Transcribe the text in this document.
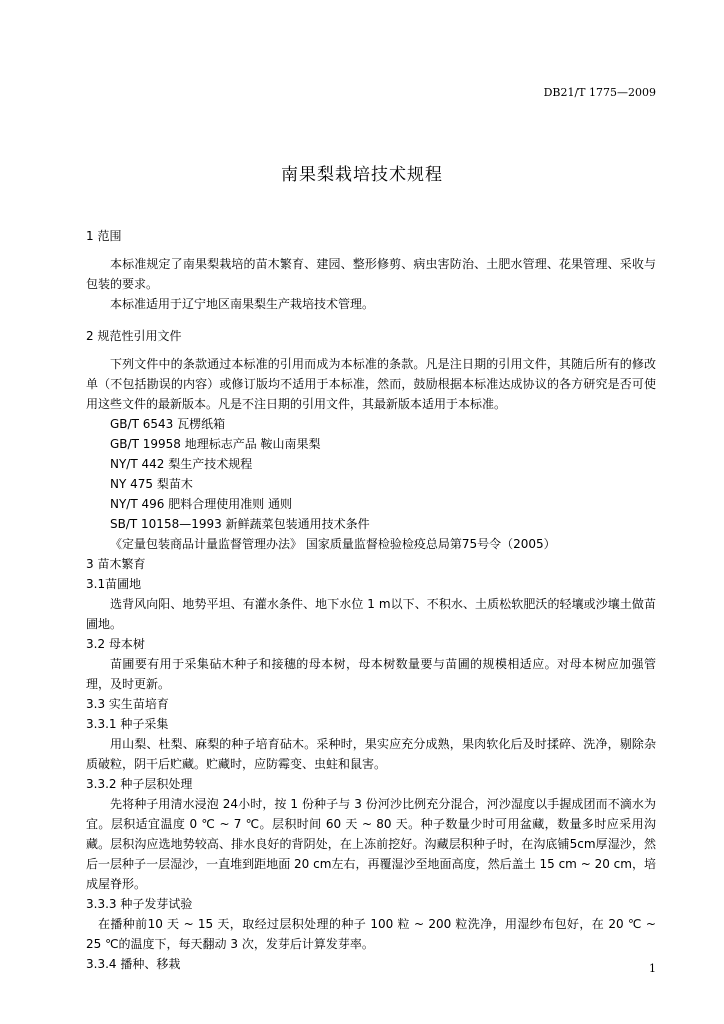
DB21/T 1775—2009
南果梨栽培技术规程
1 范围

本标准规定了南果梨栽培的苗木繁育、建园、整形修剪、病虫害防治、土肥水管理、花果管理、采收与包装的要求。

本标准适用于辽宁地区南果梨生产栽培技术管理。

2 规范性引用文件

下列文件中的条款通过本标准的引用而成为本标准的条款。凡是注日期的引用文件，其随后所有的修改单（不包括勘误的内容）或修订版均不适用于本标准，然而，鼓励根据本标准达成协议的各方研究是否可使用这些文件的最新版本。凡是不注日期的引用文件，其最新版本适用于本标准。

GB/T 6543 瓦楞纸箱
GB/T 19958 地理标志产品 鞍山南果梨
NY/T 442 梨生产技术规程
NY 475 梨苗木
NY/T 496 肥料合理使用准则 通则
SB/T 10158—1993 新鲜蔬菜包装通用技术条件
《定量包装商品计量监督管理办法》 国家质量监督检验检疫总局第75号令（2005）
3 苗木繁育
3.1苗圃地

选背风向阳、地势平坦、有灌水条件、地下水位 1 m以下、不积水、土质松软肥沃的轻壤或沙壤土做苗圃地。

3.2 母本树

苗圃要有用于采集砧木种子和接穗的母本树，母本树数量要与苗圃的规模相适应。对母本树应加强管理，及时更新。

3.3 实生苗培育
3.3.1 种子采集

用山梨、杜梨、麻梨的种子培育砧木。采种时，果实应充分成熟，果肉软化后及时揉碎、洗净，剔除杂质破粒，阴干后贮藏。贮藏时，应防霉变、虫蛀和鼠害。

3.3.2 种子层积处理

先将种子用清水浸泡 24小时，按 1 份种子与 3 份河沙比例充分混合，河沙湿度以手握成团而不滴水为宜。层积适宜温度 0 ℃ ~ 7 ℃。层积时间 60 天 ~ 80 天。种子数量少时可用盆藏，数量多时应采用沟藏。层积沟应选地势较高、排水良好的背阴处，在上冻前挖好。沟藏层积种子时，在沟底铺5cm厚湿沙，然后一层种子一层湿沙，一直堆到距地面 20 cm左右，再覆湿沙至地面高度，然后盖土 15 cm ~ 20 cm，培成屋脊形。

3.3.3 种子发芽试验

在播种前10 天 ~ 15 天，取经过层积处理的种子 100 粒 ~ 200 粒洗净，用湿纱布包好，在 20 ℃ ~ 25 ℃的温度下，每天翻动 3 次，发芽后计算发芽率。

3.3.4 播种、移栽	1
